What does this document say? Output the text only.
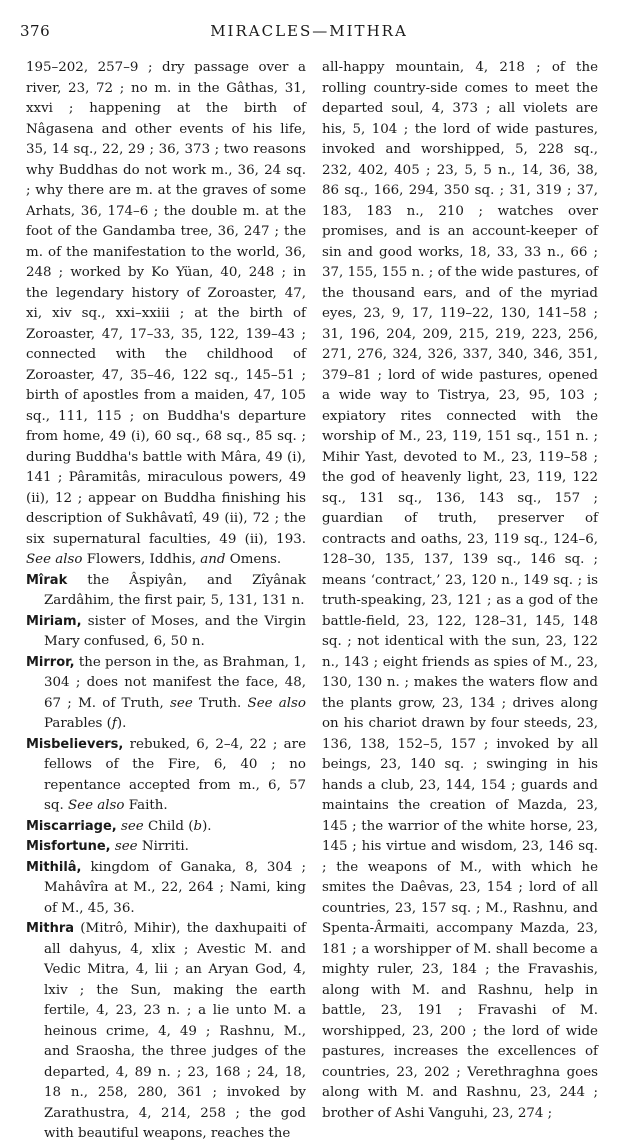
376	MIRACLES—MITHRA

195–202, 257–9 ; dry passage over a river, 23, 72 ; no m. in the Gâthas, 31, xxvi ; happening at the birth of Nâgasena and other events of his life, 35, 14 sq., 22, 29 ; 36, 373 ; two reasons why Buddhas do not work m., 36, 24 sq. ; why there are m. at the graves of some Arhats, 36, 174–6 ; the double m. at the foot of the Gandamba tree, 36, 247 ; the m. of the manifestation to the world, 36, 248 ; worked by Ko Yüan, 40, 248 ; in the legendary history of Zoroaster, 47, xi, xiv sq., xxi–xxiii ; at the birth of Zoroaster, 47, 17–33, 35, 122, 139–43 ; connected with the childhood of Zoroaster, 47, 35–46, 122 sq., 145–51 ; birth of apostles from a maiden, 47, 105 sq., 111, 115 ; on Buddha's departure from home, 49 (i), 60 sq., 68 sq., 85 sq. ; during Buddha's battle with Mâra, 49 (i), 141 ; Pâramitâs, miraculous powers, 49 (ii), 12 ; appear on Buddha finishing his description of Sukhâvatî, 49 (ii), 72 ; the six supernatural faculties, 49 (ii), 193. See also Flowers, Iddhis, and Omens.

Mîrak the Âspiyân, and Zîyânak Zardâhim, the first pair, 5, 131, 131 n.

Miriam, sister of Moses, and the Virgin Mary confused, 6, 50 n.

Mirror, the person in the, as Brahman, 1, 304 ; does not manifest the face, 48, 67 ; M. of Truth, see Truth. See also Parables (f).

Misbelievers, rebuked, 6, 2–4, 22 ; are fellows of the Fire, 6, 40 ; no repentance accepted from m., 6, 57 sq. See also Faith.

Miscarriage, see Child (b).

Misfortune, see Nirriti.

Mithilâ, kingdom of Ganaka, 8, 304 ; Mahâvîra at M., 22, 264 ; Nami, king of M., 45, 36.

Mithra (Mitrô, Mihir), the daxhupaiti of all dahyus, 4, xlix ; Avestic M. and Vedic Mitra, 4, lii ; an Aryan God, 4, lxiv ; the Sun, making the earth fertile, 4, 23, 23 n. ; a lie unto M. a heinous crime, 4, 49 ; Rashnu, M., and Sraosha, the three judges of the departed, 4, 89 n. ; 23, 168 ; 24, 18, 18 n., 258, 280, 361 ; invoked by Zarathustra, 4, 214, 258 ; the god with beautiful weapons, reaches the

all-happy mountain, 4, 218 ; of the rolling country-side comes to meet the departed soul, 4, 373 ; all violets are his, 5, 104 ; the lord of wide pastures, invoked and worshipped, 5, 228 sq., 232, 402, 405 ; 23, 5, 5 n., 14, 36, 38, 86 sq., 166, 294, 350 sq. ; 31, 319 ; 37, 183, 183 n., 210 ; watches over promises, and is an account-keeper of sin and good works, 18, 33, 33 n., 66 ; 37, 155, 155 n. ; of the wide pastures, of the thousand ears, and of the myriad eyes, 23, 9, 17, 119–22, 130, 141–58 ; 31, 196, 204, 209, 215, 219, 223, 256, 271, 276, 324, 326, 337, 340, 346, 351, 379–81 ; lord of wide pastures, opened a wide way to Tistrya, 23, 95, 103 ; expiatory rites connected with the worship of M., 23, 119, 151 sq., 151 n. ; Mihir Yast, devoted to M., 23, 119–58 ; the god of heavenly light, 23, 119, 122 sq., 131 sq., 136, 143 sq., 157 ; guardian of truth, preserver of contracts and oaths, 23, 119 sq., 124–6, 128–30, 135, 137, 139 sq., 146 sq. ; means ‘contract,’ 23, 120 n., 149 sq. ; is truth-speaking, 23, 121 ; as a god of the battle-field, 23, 122, 128–31, 145, 148 sq. ; not identical with the sun, 23, 122 n., 143 ; eight friends as spies of M., 23, 130, 130 n. ; makes the waters flow and the plants grow, 23, 134 ; drives along on his chariot drawn by four steeds, 23, 136, 138, 152–5, 157 ; invoked by all beings, 23, 140 sq. ; swinging in his hands a club, 23, 144, 154 ; guards and maintains the creation of Mazda, 23, 145 ; the warrior of the white horse, 23, 145 ; his virtue and wisdom, 23, 146 sq. ; the weapons of M., with which he smites the Daêvas, 23, 154 ; lord of all countries, 23, 157 sq. ; M., Rashnu, and Spenta-Ârmaiti, accompany Mazda, 23, 181 ; a worshipper of M. shall become a mighty ruler, 23, 184 ; the Fravashis, along with M. and Rashnu, help in battle, 23, 191 ; Fravashi of M. worshipped, 23, 200 ; the lord of wide pastures, increases the excellences of countries, 23, 202 ; Verethraghna goes along with M. and Rashnu, 23, 244 ; brother of Ashi Vanguhi, 23, 274 ;
